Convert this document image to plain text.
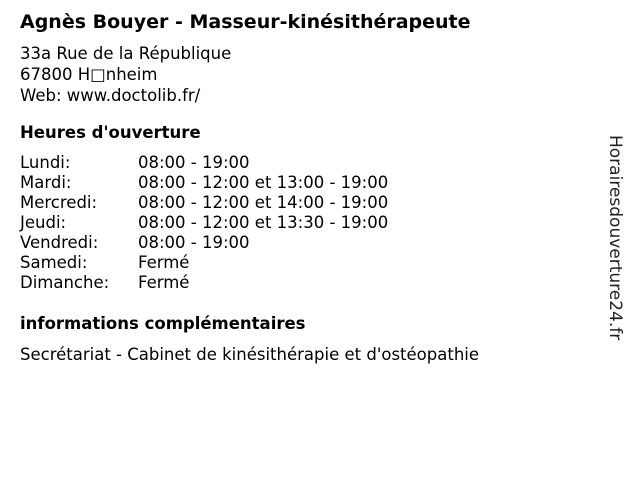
Agnès Bouyer - Masseur-kinésithérapeute
33a Rue de la République
67800 H□nheim
Web: www.doctolib.fr/
Heures d'ouverture
Lundi:	08:00 - 19:00
Mardi:	08:00 - 12:00 et 13:00 - 19:00
Mercredi: 08:00 - 12:00 et 14:00 - 19:00
Jeudi:	08:00 - 12:00 et 13:30 - 19:00
Vendredi: 08:00 - 19:00
Samedi:	Fermé
Dimanche: Fermé
informations complémentaires
Secrétariat - Cabinet de kinésithérapie et d'ostéopathie
Horairesdouverture24.fr
